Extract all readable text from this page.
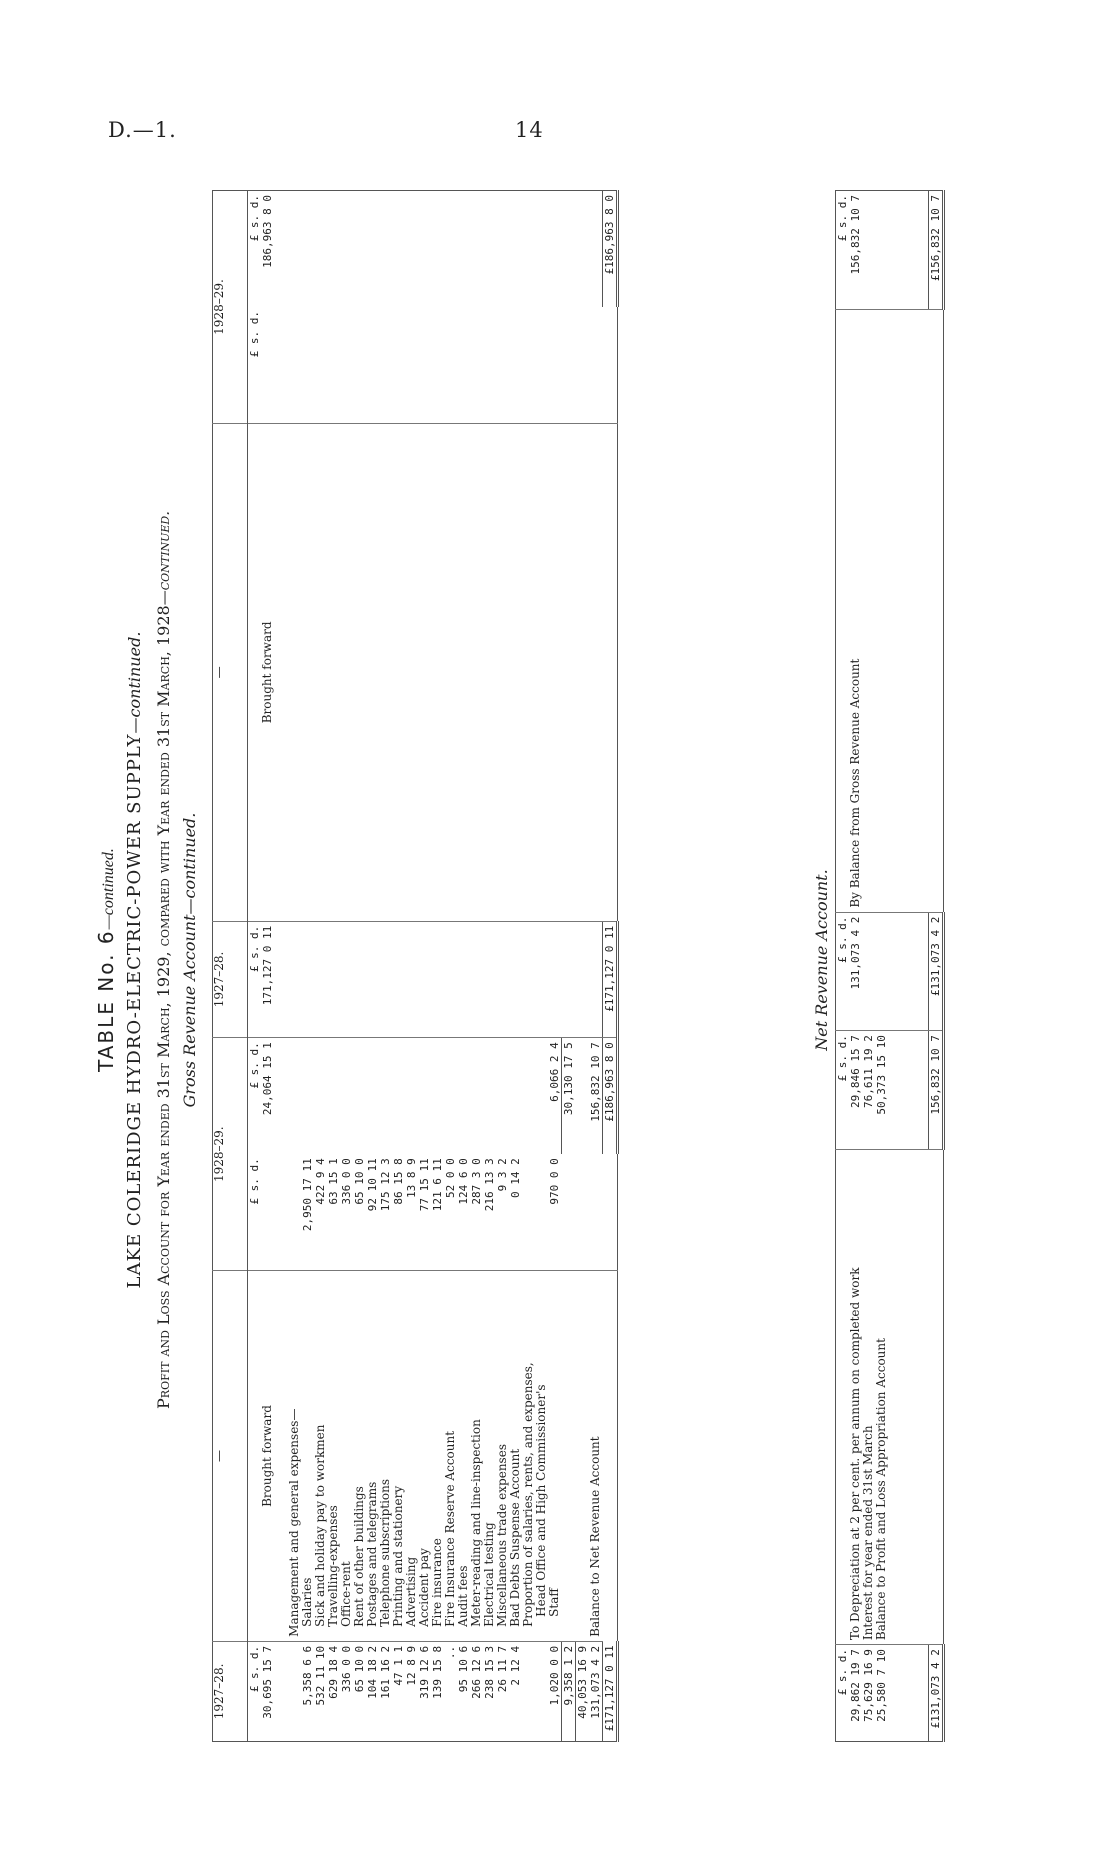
D.—1.	14
TABLE No. 6—continued. LAKE COLERIDGE HYDRO-ELECTRIC-POWER SUPPLY—continued. Profit and Loss Account for Year ended 31st March, 1929, compared with Year ended 31st March, 1928—continued.
Gross Revenue Account—continued.
1927–28.	—	1928–29.		1927–28.	—	1928–29.	
£ s. d.		£ s. d.	£ s. d.	£ s. d.		£ s. d.	£ s. d.
30,695 15 7	Brought forward		24,064 15 1	171,127 0 11	Brought forward		186,963 8 0

	Management and general expenses—						
5,358 6 6	Salaries	2,950 17 11					
532 11 10	Sick and holiday pay to workmen	422 9 4					
629 18 4	Travelling-expenses	63 15 1					
336 0 0	Office-rent	336 0 0					
65 10 0	Rent of other buildings	65 10 0					
104 18 2	Postages and telegrams	92 10 11					
161 16 2	Telephone subscriptions	175 12 3					
47 1 1	Printing and stationery	86 15 8					
12 8 9	Advertising	13 8 9					
319 12 6	Accident pay	77 15 11					
139 15 8	Fire insurance	121 6 11					
..	Fire Insurance Reserve Account	52 0 0					
95 10 6	Audit fees	124 6 0					
266 12 6	Meter-reading and line-inspection	287 3 0					
238 15 3	Electrical testing	216 13 3					
26 11 7	Miscellaneous trade expenses	9 3 2					
2 12 4	Bad Debts Suspense Account	0 14 2					
	Proportion of salaries, rents, and expenses,						
	Head Office and High Commissioner's						
1,020 0 0	Staff	970 0 0	6,066 2 4				
9,358 1 2			30,130 17 5				
40,053 16 9							
131,073 4 2	Balance to Net Revenue Account		156,832 10 7				
£171,127 0 11			£186,963 8 0	£171,127 0 11			£186,963 8 0
Net Revenue Account.
£ s. d.		£ s. d.	£ s. d.		£ s. d.
29,862 19 7	To Depreciation at 2 per cent. per annum on completed work	29,846 15 7	131,073 4 2	By Balance from Gross Revenue Account	156,832 10 7
75,629 16 9	Interest for year ended 31st March	76,611 19 2			
25,580 7 10	Balance to Profit and Loss Appropriation Account	50,373 15 10			

£131,073 4 2		156,832 10 7	£131,073 4 2		£156,832 10 7
